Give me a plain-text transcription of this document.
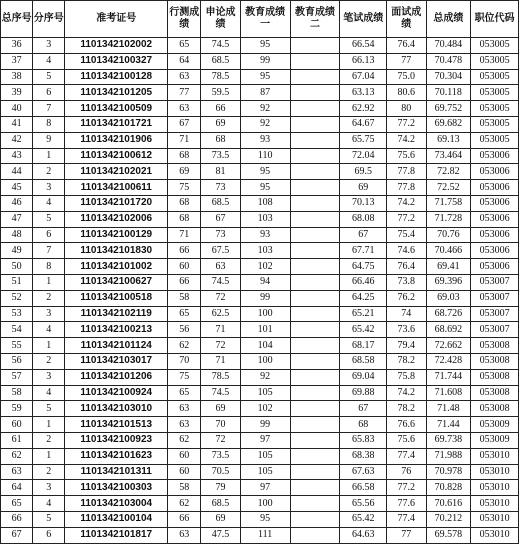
总序号	分序号	准考证号	行测成绩	申论成绩	教育成绩一	教育成绩二	笔试成绩	面试成绩	总成绩	职位代码
36	3	1101342102002	65	74.5	95		66.54	76.4	70.484	053005
37	4	1101342100327	64	68.5	99		66.13	77	70.478	053005
38	5	1101342100128	63	78.5	95		67.04	75.0	70.304	053005
39	6	1101342101205	77	59.5	87		63.13	80.6	70.118	053005
40	7	1101342100509	63	66	92		62.92	80	69.752	053005
41	8	1101342101721	67	69	92		64.67	77.2	69.682	053005
42	9	1101342101906	71	68	93		65.75	74.2	69.13	053005
43	1	1101342100612	68	73.5	110		72.04	75.6	73.464	053006
44	2	1101342102021	69	81	95		69.5	77.8	72.82	053006
45	3	1101342100611	75	73	95		69	77.8	72.52	053006
46	4	1101342101720	68	68.5	108		70.13	74.2	71.758	053006
47	5	1101342102006	68	67	103		68.08	77.2	71.728	053006
48	6	1101342100129	71	73	93		67	75.4	70.76	053006
49	7	1101342101830	66	67.5	103		67.71	74.6	70.466	053006
50	8	1101342101002	60	63	102		64.75	76.4	69.41	053006
51	1	1101342100627	66	74.5	94		66.46	73.8	69.396	053007
52	2	1101342100518	58	72	99		64.25	76.2	69.03	053007
53	3	1101342102119	65	62.5	100		65.21	74	68.726	053007
54	4	1101342100213	56	71	101		65.42	73.6	68.692	053007
55	1	1101342101124	62	72	104		68.17	79.4	72.662	053008
56	2	1101342103017	70	71	100		68.58	78.2	72.428	053008
57	3	1101342101206	75	78.5	92		69.04	75.8	71.744	053008
58	4	1101342100924	65	74.5	105		69.88	74.2	71.608	053008
59	5	1101342103010	63	69	102		67	78.2	71.48	053008
60	1	1101342101513	63	70	99		68	76.6	71.44	053009
61	2	1101342100923	62	72	97		65.83	75.6	69.738	053009
62	1	1101342101623	60	73.5	105		68.38	77.4	71.988	053010
63	2	1101342101311	60	70.5	105		67.63	76	70.978	053010
64	3	1101342100303	58	79	97		66.58	77.2	70.828	053010
65	4	1101342103004	62	68.5	100		65.56	77.6	70.616	053010
66	5	1101342100104	66	69	95		65.42	77.4	70.212	053010
67	6	1101342101817	63	47.5	111		64.63	77	69.578	053010
